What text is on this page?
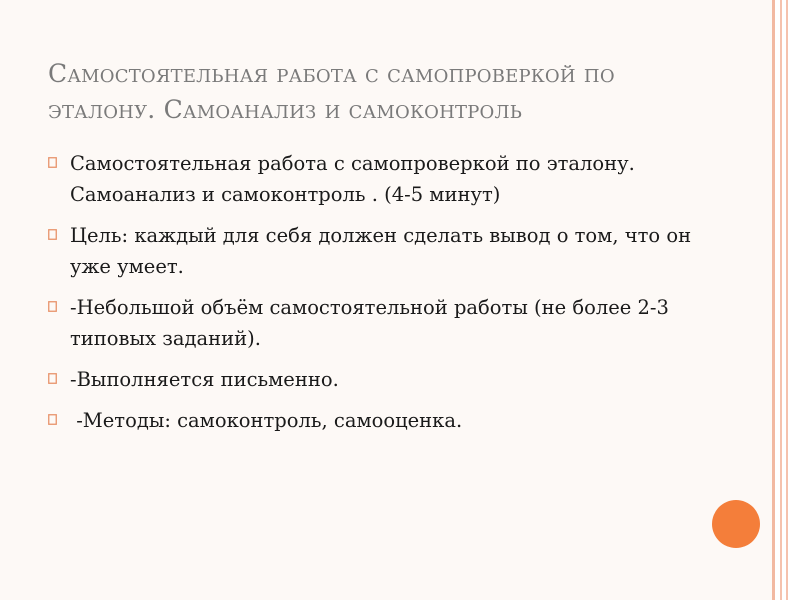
Самостоятельная работа с самопроверкой по эталону. Самоанализ и самоконтроль
Самостоятельная работа с самопроверкой по эталону. Самоанализ и самоконтроль . (4-5 минут)
Цель: каждый для себя должен сделать вывод о том, что он уже умеет.
-Небольшой объём самостоятельной работы (не более 2-3 типовых заданий).
-Выполняется письменно.
-Методы: самоконтроль, самооценка.
